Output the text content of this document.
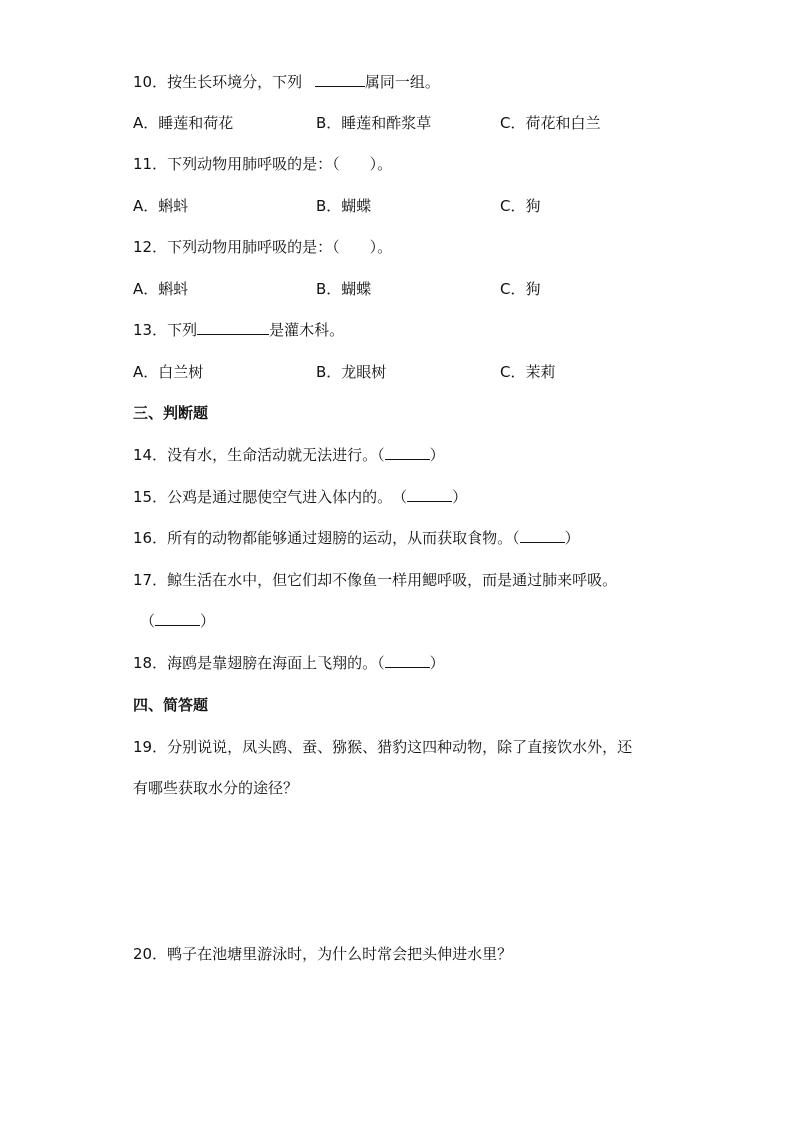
10．按生长环境分，下列	属同一组。
A．睡莲和荷花	B．睡莲和酢浆草	C．荷花和白兰
11．下列动物用肺呼吸的是：（　　）。
A．蝌蚪	B．蝴蝶	C．狗
12．下列动物用肺呼吸的是：（　　）。
A．蝌蚪	B．蝴蝶	C．狗
13．下列	是灌木科。
A．白兰树	B．龙眼树	C．茉莉
三、判断题
14．没有水，生命活动就无法进行。（	）
15．公鸡是通过腮使空气进入体内的。　（	）
16．所有的动物都能够通过翅膀的运动，从而获取食物。（	）
17．鲸生活在水中，但它们却不像鱼一样用鳃呼吸，而是通过肺来呼吸。
（	）
18．海鸥是靠翅膀在海面上飞翔的。（	）
四、简答题
19．分别说说，凤头鸥、蚕、猕猴、猎豹这四种动物，除了直接饮水外，还
有哪些获取水分的途径？
20．鸭子在池塘里游泳时，为什么时常会把头伸进水里？
